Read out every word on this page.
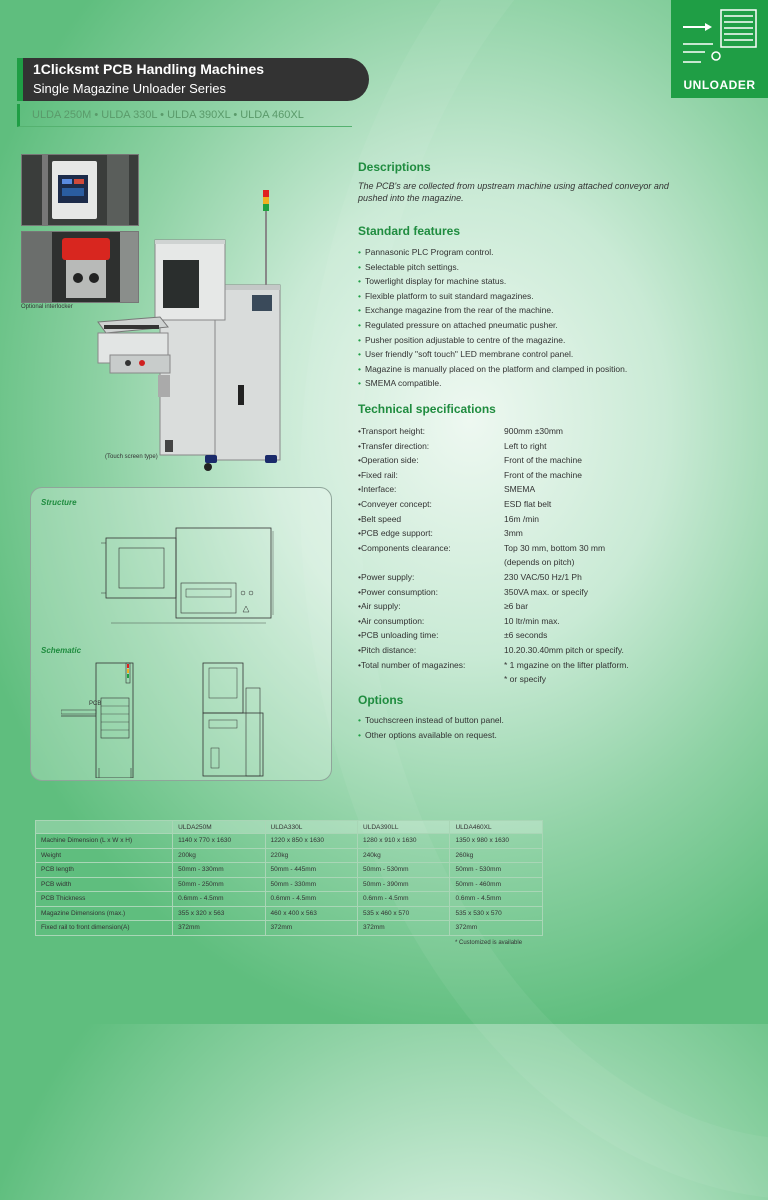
UNLOADER
1Clicksmt PCB Handling Machines
Single Magazine Unloader Series
ULDA 250M • ULDA 330L • ULDA 390XL • ULDA 460XL
Optional interlocker
(Touch screen type)
Structure
Schematic
PCB
Descriptions
The PCB's are collected from upstream machine using attached conveyor and pushed into the magazine.
Standard features
• Pannasonic PLC Program control.
• Selectable pitch settings.
• Towerlight display for machine status.
• Flexible platform to suit standard magazines.
• Exchange magazine from the rear of the machine.
• Regulated pressure on attached pneumatic pusher.
• Pusher position adjustable to centre of the magazine.
• User friendly "soft touch" LED membrane control panel.
• Magazine is manually placed on the platform and clamped in position.
• SMEMA compatible.
Technical specifications
•Transport height:	900mm ±30mm
•Transfer direction:	Left to right
•Operation side:	Front of the machine
•Fixed rail:	Front of the machine
•Interface:	SMEMA
•Conveyer concept:	ESD flat belt
•Belt speed	16m /min
•PCB edge support:	3mm
•Components clearance:	Top 30 mm, bottom 30 mm
(depends on pitch)
•Power supply:	230 VAC/50 Hz/1 Ph
•Power consumption:	350VA max. or specify
•Air supply:	≥6 bar
•Air consumption:	10 ltr/min max.
•PCB unloading time:	±6 seconds
•Pitch distance:	10.20.30.40mm pitch or specify.
•Total number of magazines:	* 1 mgazine on the lifter platform.
* or specify
Options
• Touchscreen instead of button panel.
• Other options available on request.
	ULDA250M	ULDA330L	ULDA390LL	ULDA460XL
Machine Dimension (L x W x H)	1140 x 770 x 1630	1220 x 850 x 1630	1280 x 910 x 1630	1350 x 980 x 1630
Weight	200kg	220kg	240kg	260kg
PCB length	50mm - 330mm	50mm - 445mm	50mm - 530mm	50mm - 530mm
PCB width	50mm - 250mm	50mm - 330mm	50mm - 390mm	50mm - 460mm
PCB Thickness	0.6mm - 4.5mm	0.6mm - 4.5mm	0.6mm - 4.5mm	0.6mm - 4.5mm
Magazine Dimensions (max.)	355 x 320 x 563	460 x 400 x 563	535 x 460 x 570	535 x 530 x 570
Fixed rail to front dimension(A)	372mm	372mm	372mm	372mm
* Customized is available
